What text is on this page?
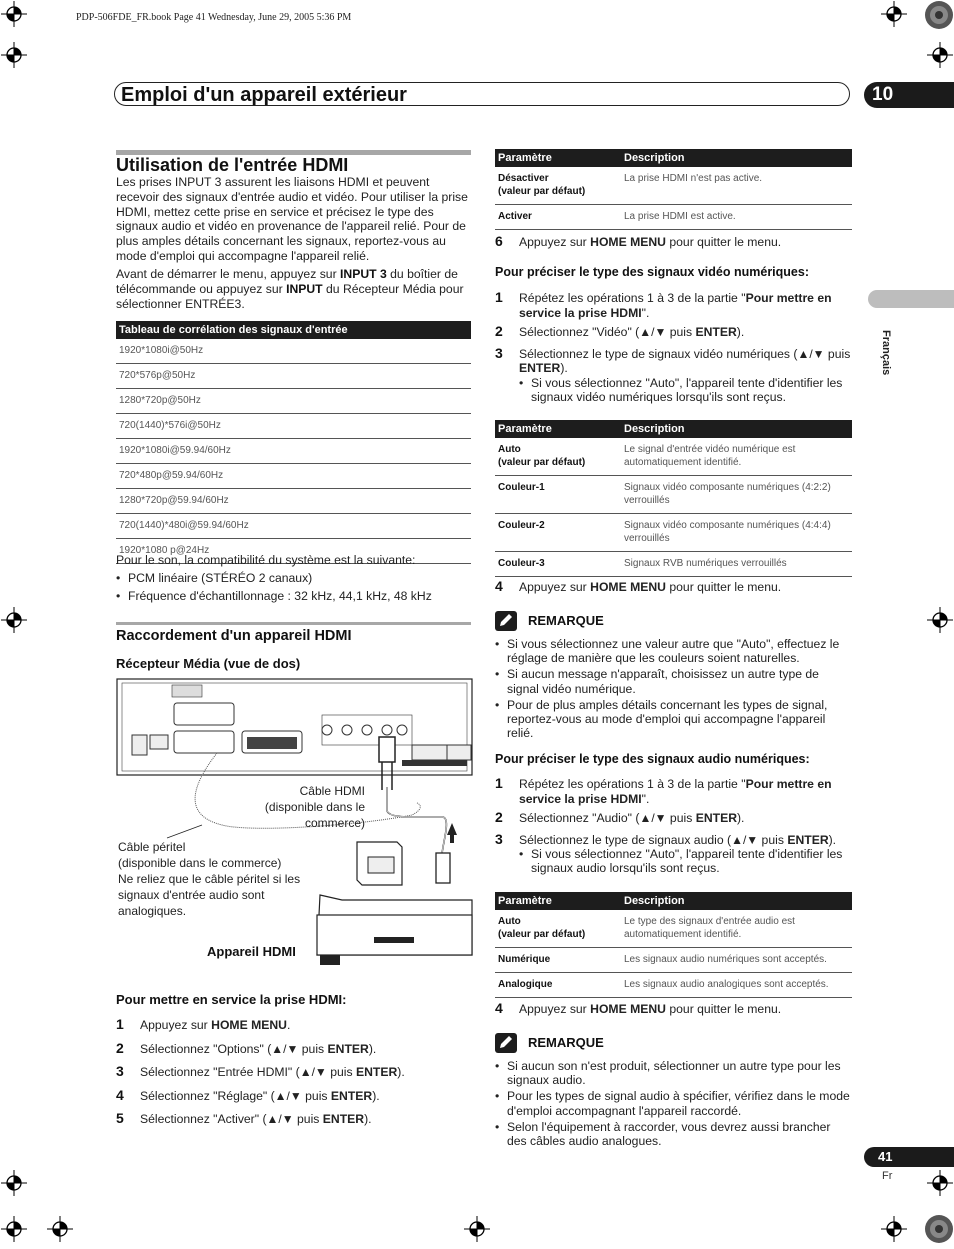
PDP-506FDE_FR.book Page 41 Wednesday, June 29, 2005 5:36 PM
Emploi d'un appareil extérieur	10
Français
Utilisation de l'entrée HDMI
Les prises INPUT 3 assurent les liaisons HDMI et peuvent recevoir des signaux d'entrée audio et vidéo. Pour utiliser la prise HDMI, mettez cette prise en service et précisez le type des signaux audio et vidéo en provenance de l'appareil relié. Pour de plus amples détails concernant les signaux, reportez-vous au mode d'emploi qui accompagne l'appareil relié.
Avant de démarrer le menu, appuyez sur INPUT 3 du boîtier de télécommande ou appuyez sur INPUT du Récepteur Média pour sélectionner ENTRÉE3.
Tableau de corrélation des signaux d'entrée
1920*1080i@50Hz
720*576p@50Hz
1280*720p@50Hz
720(1440)*576i@50Hz
1920*1080i@59.94/60Hz
720*480p@59.94/60Hz
1280*720p@59.94/60Hz
720(1440)*480i@59.94/60Hz
1920*1080 p@24Hz
Pour le son, la compatibilité du système est la suivante:
• PCM linéaire (STÉRÉO 2 canaux)
• Fréquence d'échantillonnage : 32 kHz, 44,1 kHz, 48 kHz
Raccordement d'un appareil HDMI
Récepteur Média (vue de dos)
Câble HDMI
(disponible dans le
commerce)
Câble péritel
(disponible dans le commerce)
Ne reliez que le câble péritel si les
signaux d'entrée audio sont
analogiques.
Appareil HDMI
Pour mettre en service la prise HDMI:
1 Appuyez sur HOME MENU.
2 Sélectionnez "Options" (▲/▼ puis ENTER).
3 Sélectionnez "Entrée HDMI" (▲/▼ puis ENTER).
4 Sélectionnez "Réglage" (▲/▼ puis ENTER).
5 Sélectionnez "Activer" (▲/▼ puis ENTER).
Paramètre	Description
Désactiver
(valeur par défaut)	La prise HDMI n'est pas active.
Activer	La prise HDMI est active.
6 Appuyez sur HOME MENU pour quitter le menu.
Pour préciser le type des signaux vidéo numériques:
1 Répétez les opérations 1 à 3 de la partie "Pour mettre en service la prise HDMI".
2 Sélectionnez "Vidéo" (▲/▼ puis ENTER).
3 Sélectionnez le type de signaux vidéo numériques (▲/▼ puis ENTER).
• Si vous sélectionnez "Auto", l'appareil tente d'identifier les signaux vidéo numériques lorsqu'ils sont reçus.
Paramètre	Description
Auto
(valeur par défaut)	Le signal d'entrée vidéo numérique est automatiquement identifié.
Couleur-1	Signaux vidéo composante numériques (4:2:2) verrouillés
Couleur-2	Signaux vidéo composante numériques (4:4:4) verrouillés
Couleur-3	Signaux RVB numériques verrouillés
4 Appuyez sur HOME MENU pour quitter le menu.
REMARQUE
• Si vous sélectionnez une valeur autre que "Auto", effectuez le réglage de manière que les couleurs soient naturelles.
• Si aucun message n'apparaît, choisissez un autre type de signal vidéo numérique.
• Pour de plus amples détails concernant les types de signal, reportez-vous au mode d'emploi qui accompagne l'appareil relié.
Pour préciser le type des signaux audio numériques:
1 Répétez les opérations 1 à 3 de la partie "Pour mettre en service la prise HDMI".
2 Sélectionnez "Audio" (▲/▼ puis ENTER).
3 Sélectionnez le type de signaux audio (▲/▼ puis ENTER).
• Si vous sélectionnez "Auto", l'appareil tente d'identifier les signaux audio lorsqu'ils sont reçus.
Paramètre	Description
Auto
(valeur par défaut)	Le type des signaux d'entrée audio est automatiquement identifié.
Numérique	Les signaux audio numériques sont acceptés.
Analogique	Les signaux audio analogiques sont acceptés.
4 Appuyez sur HOME MENU pour quitter le menu.
REMARQUE
• Si aucun son n'est produit, sélectionner un autre type pour les signaux audio.
• Pour les types de signal audio à spécifier, vérifiez dans le mode d'emploi accompagnant l'appareil raccordé.
• Selon l'équipement à raccorder, vous devrez aussi brancher des câbles audio analogues.
41
Fr
